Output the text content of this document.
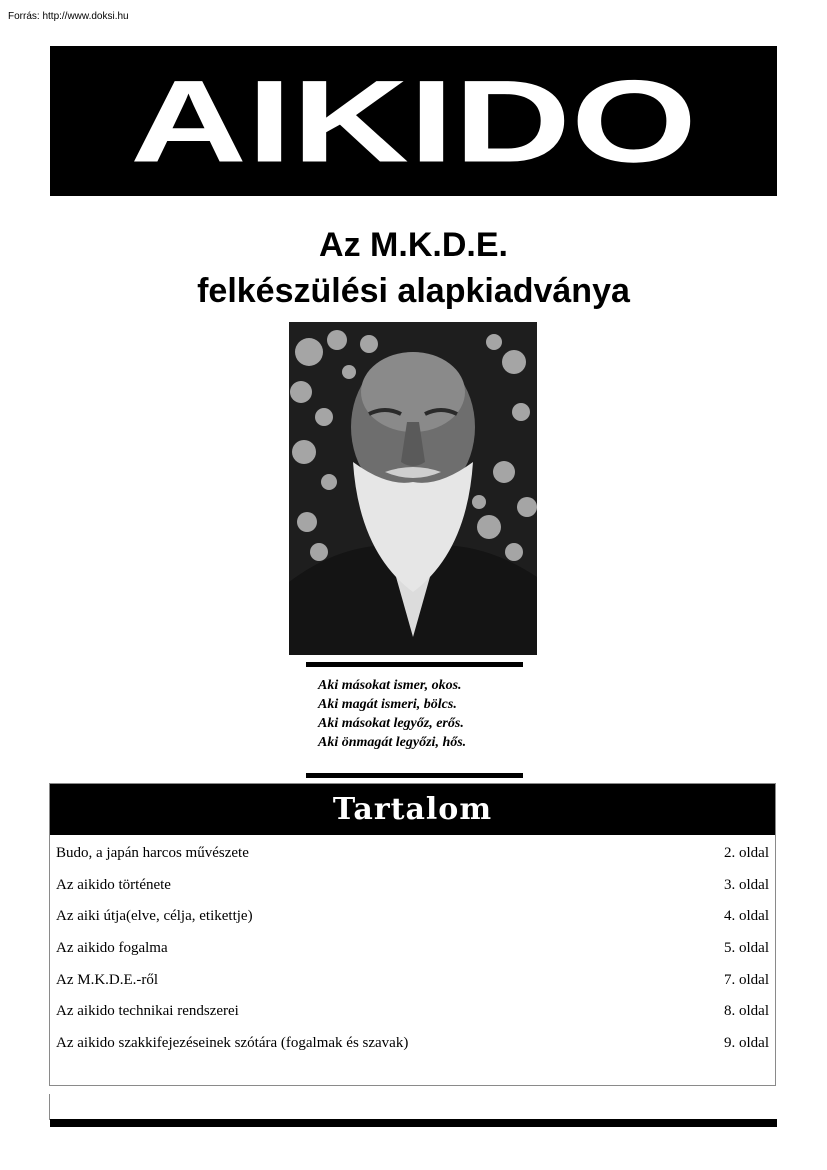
Forrás: http://www.doksi.hu
AIKIDO
Az M.K.D.E.
felkészülési alapkiadványa
Aki másokat ismer, okos.
Aki magát ismeri, bölcs.
Aki másokat legyőz, erős.
Aki önmagát legyőzi, hős.
Tartalom
Budo, a japán harcos művészete	2. oldal
Az aikido története	3. oldal
Az aiki útja(elve, célja, etikettje)	4. oldal
Az aikido fogalma	5. oldal
Az M.K.D.E.-ről	7. oldal
Az aikido technikai rendszerei	8. oldal
Az aikido szakkifejezéseinek szótára (fogalmak és szavak)	9. oldal
